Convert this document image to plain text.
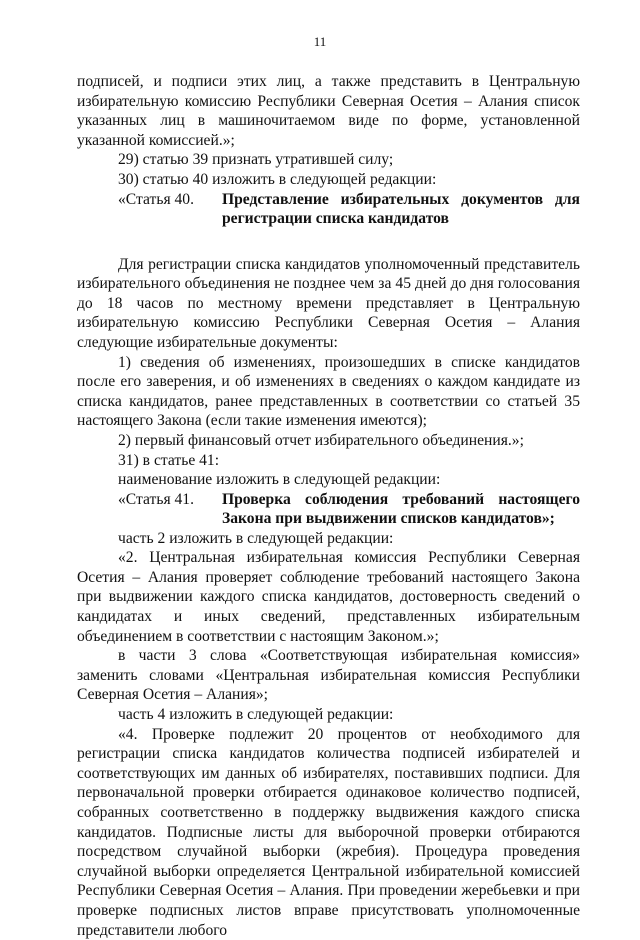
11

подписей, и подписи этих лиц, а также представить в Центральную избирательную комиссию Республики Северная Осетия – Алания список указанных лиц в машиночитаемом виде по форме, установленной указанной комиссией.»;

29) статью 39 признать утратившей силу;

30) статью 40 изложить в следующей редакции:

«Статья 40. Представление избирательных документов для регистрации списка кандидатов

Для регистрации списка кандидатов уполномоченный представитель избирательного объединения не позднее чем за 45 дней до дня голосования до 18 часов по местному времени представляет в Центральную избирательную комиссию Республики Северная Осетия – Алания следующие избирательные документы:

1) сведения об изменениях, произошедших в списке кандидатов после его заверения, и об изменениях в сведениях о каждом кандидате из списка кандидатов, ранее представленных в соответствии со статьей 35 настоящего Закона (если такие изменения имеются);

2) первый финансовый отчет избирательного объединения.»;

31) в статье 41:

наименование изложить в следующей редакции:

«Статья 41. Проверка соблюдения требований настоящего Закона при выдвижении списков кандидатов»;

часть 2 изложить в следующей редакции:

«2. Центральная избирательная комиссия Республики Северная Осетия – Алания проверяет соблюдение требований настоящего Закона при выдвижении каждого списка кандидатов, достоверность сведений о кандидатах и иных сведений, представленных избирательным объединением в соответствии с настоящим Законом.»;

в части 3 слова «Соответствующая избирательная комиссия» заменить словами «Центральная избирательная комиссия Республики Северная Осетия – Алания»;

часть 4 изложить в следующей редакции:

«4. Проверке подлежит 20 процентов от необходимого для регистрации списка кандидатов количества подписей избирателей и соответствующих им данных об избирателях, поставивших подписи. Для первоначальной проверки отбирается одинаковое количество подписей, собранных соответственно в поддержку выдвижения каждого списка кандидатов. Подписные листы для выборочной проверки отбираются посредством случайной выборки (жребия). Процедура проведения случайной выборки определяется Центральной избирательной комиссией Республики Северная Осетия – Алания. При проведении жеребьевки и при проверке подписных листов вправе присутствовать уполномоченные представители любого
